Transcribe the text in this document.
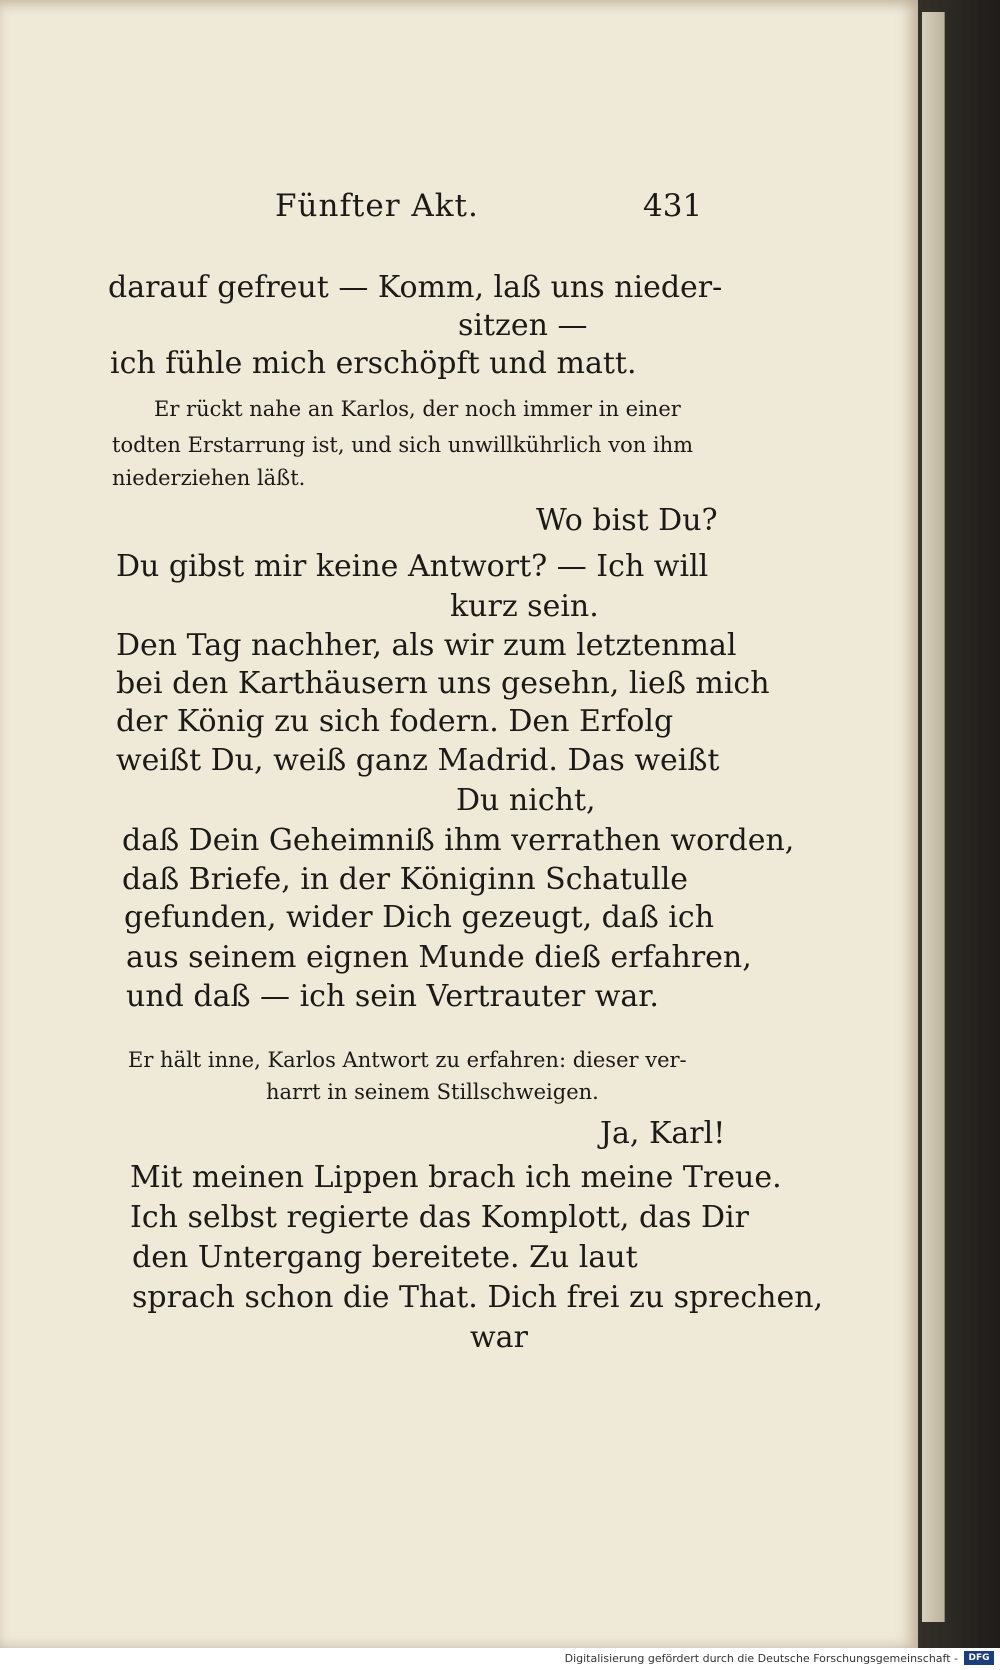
Fünfter Akt.	431
darauf gefreut — Komm, laß uns nieder-
sitzen —
ich fühle mich erschöpft und matt.
Er rückt nahe an Karlos, der noch immer in einer
todten Erstarrung ist, und sich unwillkührlich von ihm
niederziehen läßt.
Wo bist Du?
Du gibst mir keine Antwort? — Ich will
kurz sein.
Den Tag nachher, als wir zum letztenmal
bei den Karthäusern uns gesehn, ließ mich
der König zu sich fodern. Den Erfolg
weißt Du, weiß ganz Madrid. Das weißt
Du nicht,
daß Dein Geheimniß ihm verrathen worden,
daß Briefe, in der Königinn Schatulle
gefunden, wider Dich gezeugt, daß ich
aus seinem eignen Munde dieß erfahren,
und daß — ich sein Vertrauter war.
Er hält inne, Karlos Antwort zu erfahren: dieser ver-
harrt in seinem Stillschweigen.
Ja, Karl!
Mit meinen Lippen brach ich meine Treue.
Ich selbst regierte das Komplott, das Dir
den Untergang bereitete. Zu laut
sprach schon die That. Dich frei zu sprechen,
war
Digitalisierung gefördert durch die Deutsche Forschungsgemeinschaft -	DFG
